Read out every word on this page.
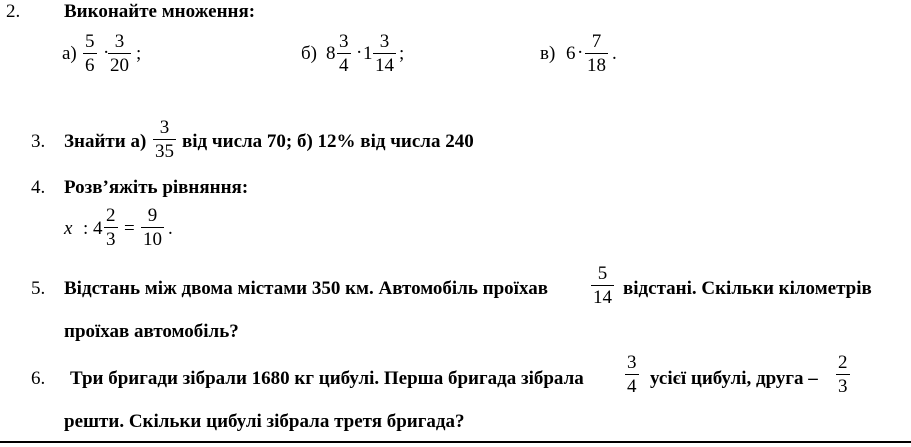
2.	Виконайте множення:
а)
5
6
·
3
20
;	б) 8
3
4
· 1
3
14
;	в) 6 ·
7
18
.
3. Знайти а)
3
35 від числа 70; б) 12% від числа 240
4. Розв’яжіть рівняння:
x : 4
2
3
=
9
10
.
5. Відстань між двома містами 350 км. Автомобіль проїхав
5
14 відстані. Скільки кілометрів
проїхав автомобіль?
6.	Три бригади зібрали 1680 кг цибулі. Перша бригада зібрала
3
4 усієї цибулі, друга –
2
3
решти. Скільки цибулі зібрала третя бригада?
